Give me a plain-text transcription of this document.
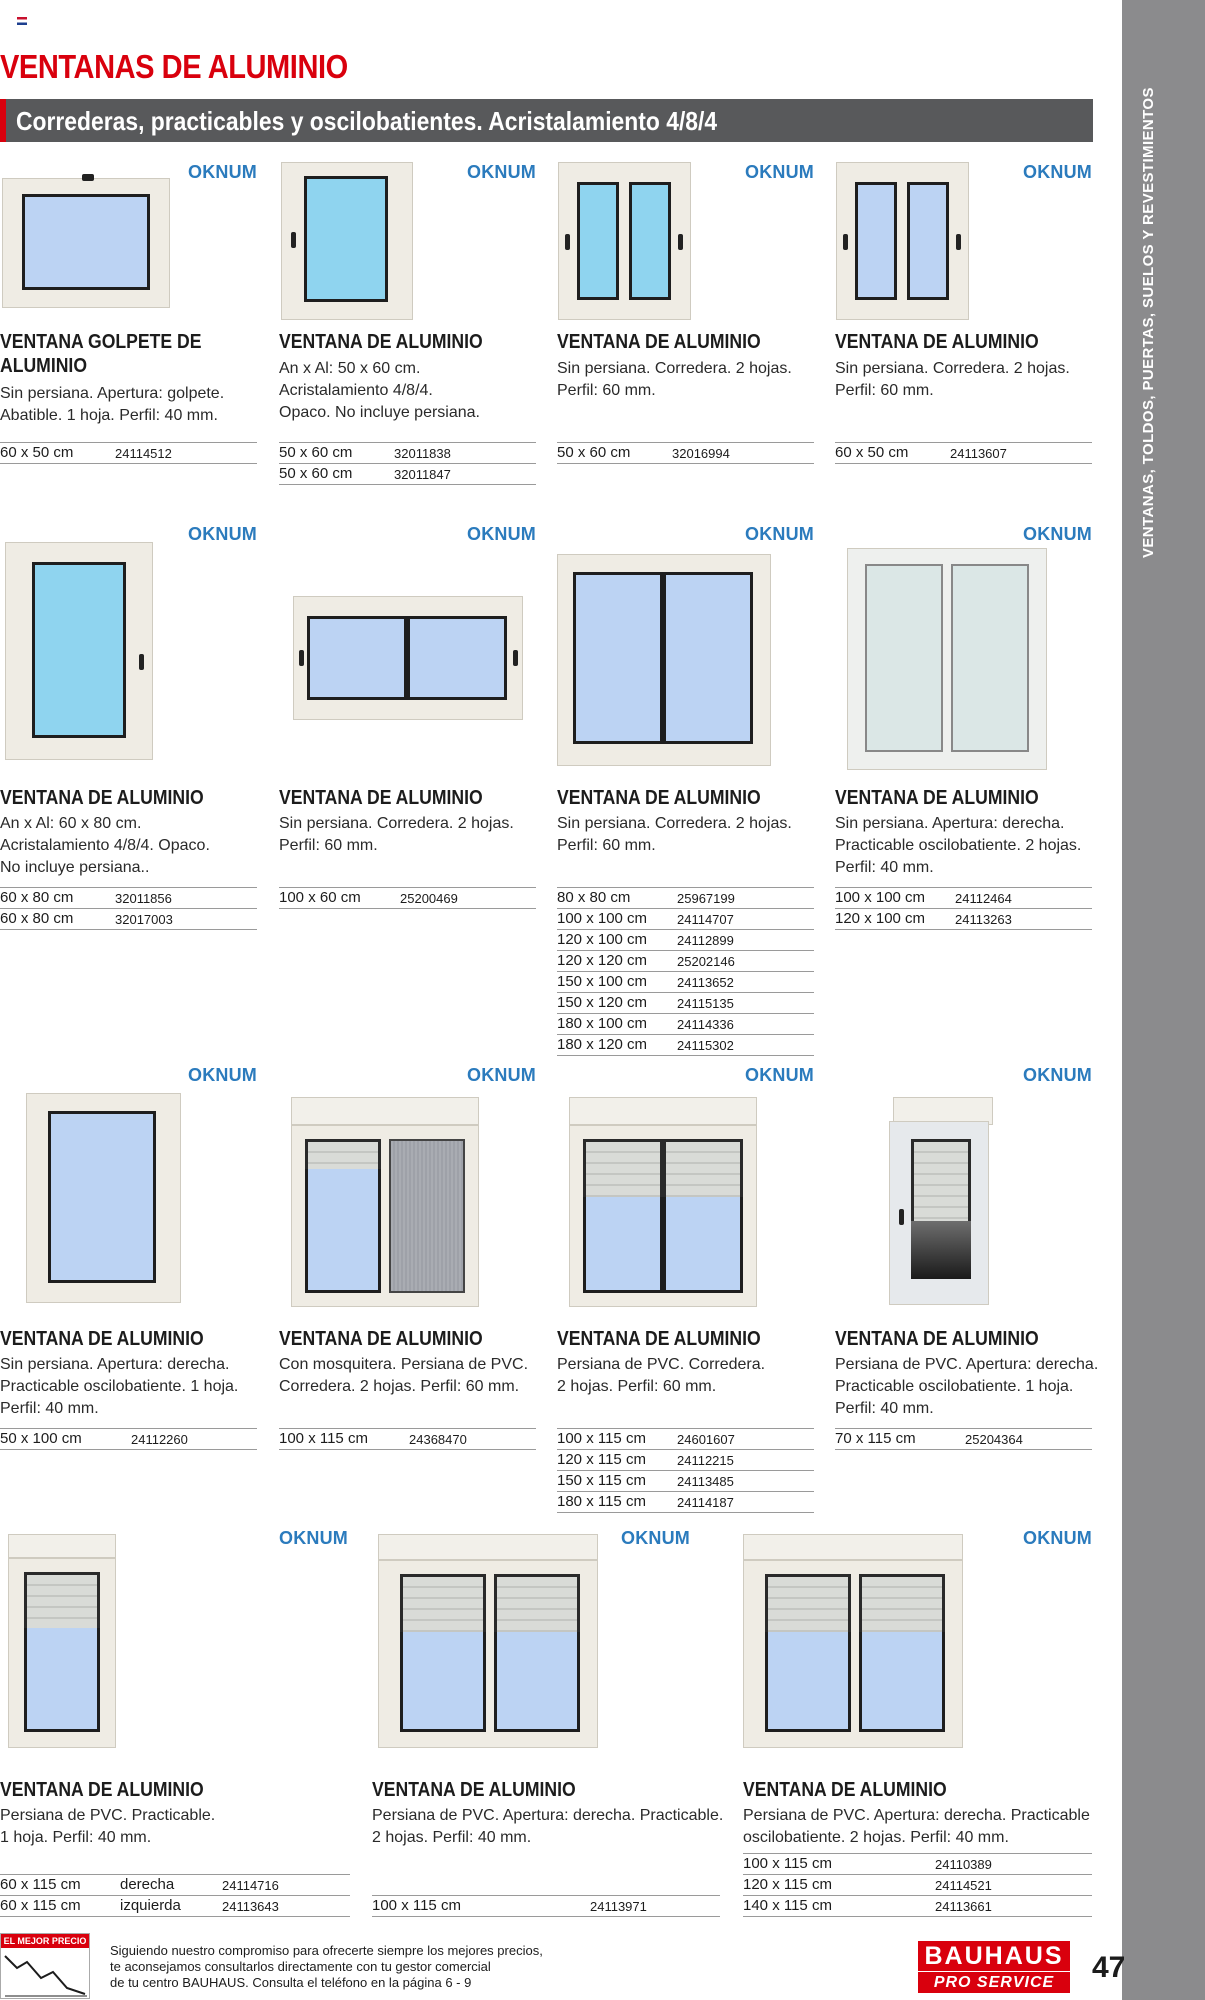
VENTANAS, TOLDOS, PUERTAS, SUELOS Y REVESTIMIENTOS
VENTANAS DE ALUMINIO
Correderas, practicables y oscilobatientes. Acristalamiento 4/8/4
OKNUM
VENTANA GOLPETE DE
ALUMINIO
Sin persiana. Apertura: golpete.
Abatible. 1 hoja. Perfil: 40 mm.
60 x 50 cm	24114512
OKNUM
VENTANA DE ALUMINIO
An x Al: 50 x 60 cm.
Acristalamiento 4/8/4.
Opaco. No incluye persiana.
50 x 60 cm	32011838
50 x 60 cm	32011847
OKNUM
VENTANA DE ALUMINIO
Sin persiana. Corredera. 2 hojas.
Perfil: 60 mm.
50 x 60 cm	32016994
OKNUM
VENTANA DE ALUMINIO
Sin persiana. Corredera. 2 hojas.
Perfil: 60 mm.
60 x 50 cm	24113607
OKNUM
VENTANA DE ALUMINIO
An x Al: 60 x 80 cm.
Acristalamiento 4/8/4. Opaco.
No incluye persiana..
60 x 80 cm	32011856
60 x 80 cm	32017003
OKNUM
VENTANA DE ALUMINIO
Sin persiana. Corredera. 2 hojas.
Perfil: 60 mm.
100 x 60 cm	25200469
OKNUM
VENTANA DE ALUMINIO
Sin persiana. Corredera. 2 hojas.
Perfil: 60 mm.
80 x 80 cm	25967199
100 x 100 cm 24114707
120 x 100 cm 24112899
120 x 120 cm 25202146
150 x 100 cm 24113652
150 x 120 cm 24115135
180 x 100 cm 24114336
180 x 120 cm 24115302
OKNUM
VENTANA DE ALUMINIO
Sin persiana. Apertura: derecha.
Practicable oscilobatiente. 2 hojas.
Perfil: 40 mm.
100 x 100 cm 24112464
120 x 100 cm 24113263
OKNUM
VENTANA DE ALUMINIO
Sin persiana. Apertura: derecha.
Practicable oscilobatiente. 1 hoja.
Perfil: 40 mm.
50 x 100 cm	24112260
OKNUM
VENTANA DE ALUMINIO
Con mosquitera. Persiana de PVC.
Corredera. 2 hojas. Perfil: 60 mm.
100 x 115 cm	24368470
OKNUM
VENTANA DE ALUMINIO
Persiana de PVC. Corredera.
2 hojas. Perfil: 60 mm.
100 x 115 cm 24601607
120 x 115 cm 24112215
150 x 115 cm 24113485
180 x 115 cm 24114187
OKNUM
VENTANA DE ALUMINIO
Persiana de PVC. Apertura: derecha.
Practicable oscilobatiente. 1 hoja.
Perfil: 40 mm.
70 x 115 cm	25204364
OKNUM
VENTANA DE ALUMINIO
Persiana de PVC. Practicable.
1 hoja. Perfil: 40 mm.
60 x 115 cm	derecha	24114716
60 x 115 cm	izquierda	24113643
OKNUM
VENTANA DE ALUMINIO
Persiana de PVC. Apertura: derecha. Practicable.
2 hojas. Perfil: 40 mm.
100 x 115 cm	24113971
OKNUM
VENTANA DE ALUMINIO
Persiana de PVC. Apertura: derecha. Practicable
oscilobatiente. 2 hojas. Perfil: 40 mm.
100 x 115 cm	24110389
120 x 115 cm	24114521
140 x 115 cm	24113661
EL MEJOR PRECIO
Siguiendo nuestro compromiso para ofrecerte siempre los mejores precios,
te aconsejamos consultarlos directamente con tu gestor comercial
de tu centro BAUHAUS. Consulta el teléfono en la página 6 - 9
BAUHAUS
PRO SERVICE	47
